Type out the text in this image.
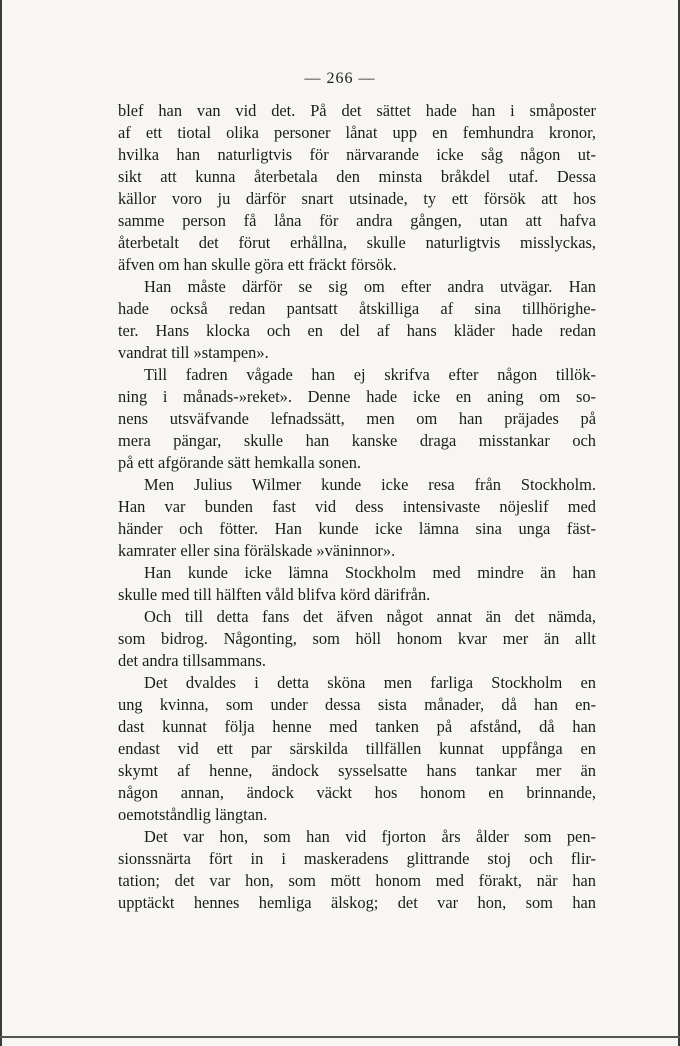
— 266 —
blef han van vid det. På det sättet hade han i småposter
af ett tiotal olika personer lånat upp en femhundra kronor,
hvilka han naturligtvis för närvarande icke såg någon ut-
sikt att kunna återbetala den minsta bråkdel utaf. Dessa
källor voro ju därför snart utsinade, ty ett försök att hos
samme person få låna för andra gången, utan att hafva
återbetalt det förut erhållna, skulle naturligtvis misslyckas,
äfven om han skulle göra ett fräckt försök.
Han måste därför se sig om efter andra utvägar. Han
hade också redan pantsatt åtskilliga af sina tillhörighe-
ter. Hans klocka och en del af hans kläder hade redan
vandrat till »stampen».
Till fadren vågade han ej skrifva efter någon tillök-
ning i månads-»reket». Denne hade icke en aning om so-
nens utsväfvande lefnadssätt, men om han präjades på
mera pängar, skulle han kanske draga misstankar och
på ett afgörande sätt hemkalla sonen.
Men Julius Wilmer kunde icke resa från Stockholm.
Han var bunden fast vid dess intensivaste nöjeslif med
händer och fötter. Han kunde icke lämna sina unga fäst-
kamrater eller sina förälskade »väninnor».
Han kunde icke lämna Stockholm med mindre än han
skulle med till hälften våld blifva körd därifrån.
Och till detta fans det äfven något annat än det nämda,
som bidrog. Någonting, som höll honom kvar mer än allt
det andra tillsammans.
Det dvaldes i detta sköna men farliga Stockholm en
ung kvinna, som under dessa sista månader, då han en-
dast kunnat följa henne med tanken på afstånd, då han
endast vid ett par särskilda tillfällen kunnat uppfånga en
skymt af henne, ändock sysselsatte hans tankar mer än
någon annan, ändock väckt hos honom en brinnande,
oemotståndlig längtan.
Det var hon, som han vid fjorton års ålder som pen-
sionssnärta fört in i maskeradens glittrande stoj och flir-
tation; det var hon, som mött honom med förakt, när han
upptäckt hennes hemliga älskog; det var hon, som han
